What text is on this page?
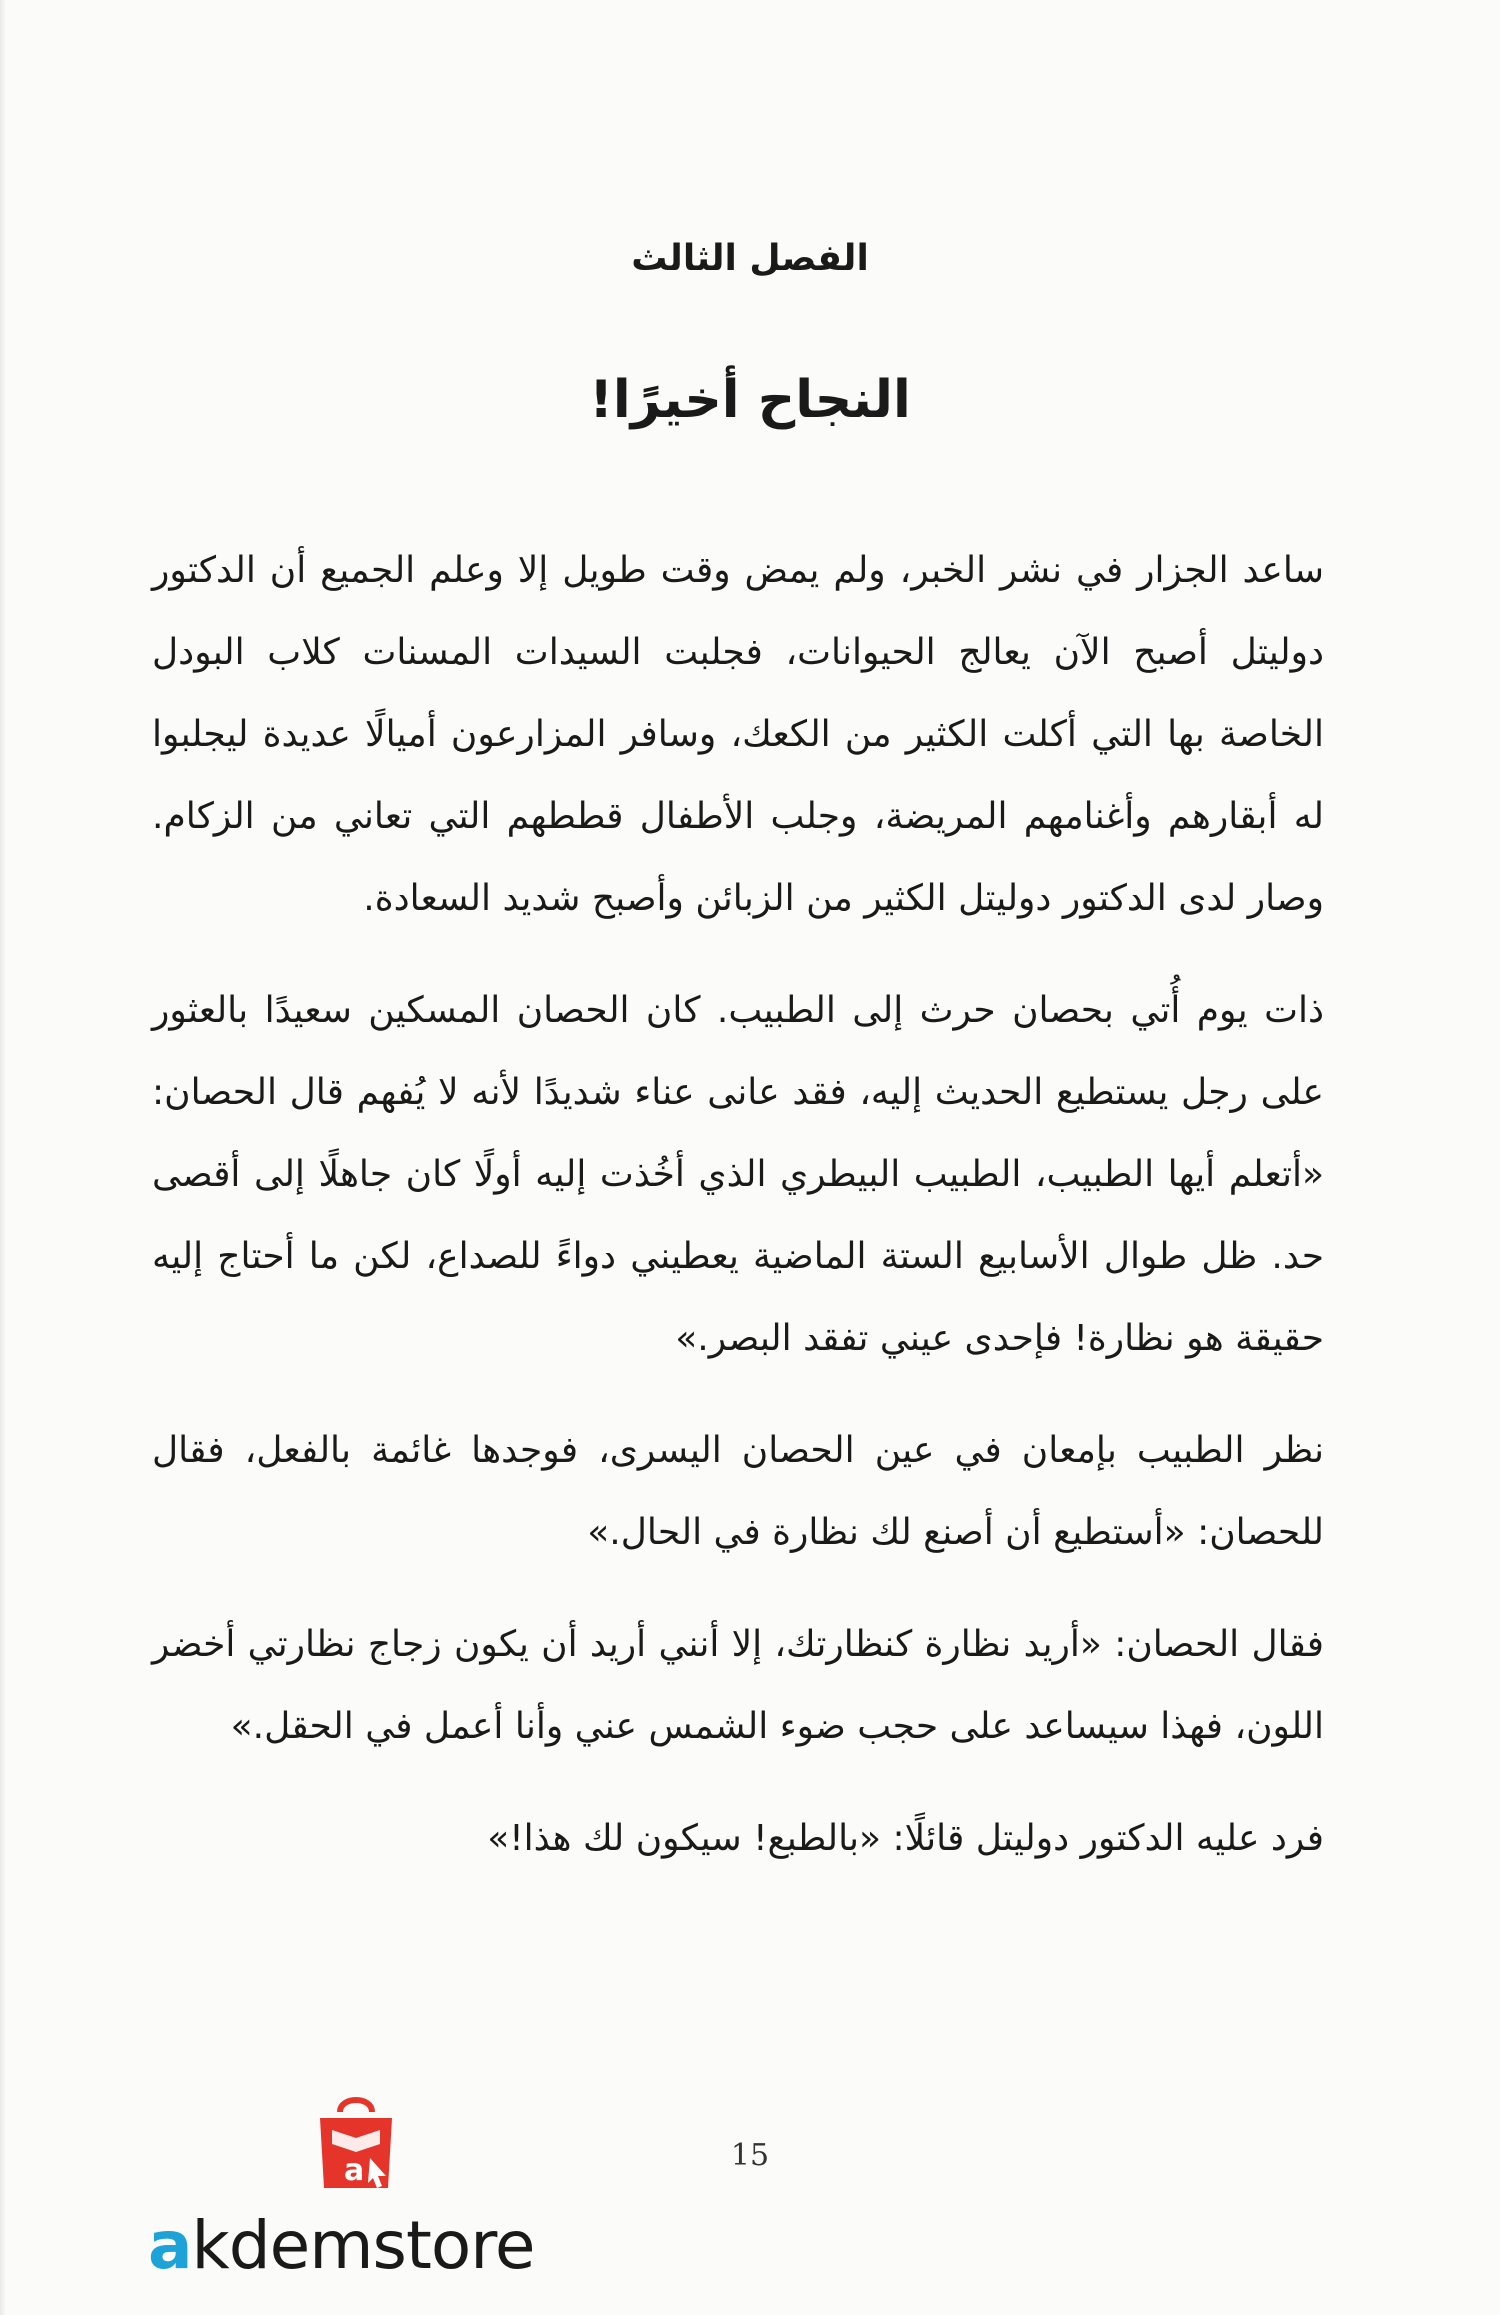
الفصل الثالث
النجاح أخيرًا!

ساعد الجزار في نشر الخبر، ولم يمض وقت طويل إلا وعلم الجميع أن الدكتور دوليتل أصبح الآن يعالج الحيوانات، فجلبت السيدات المسنات كلاب البودل الخاصة بها التي أكلت الكثير من الكعك، وسافر المزارعون أميالًا عديدة ليجلبوا له أبقارهم وأغنامهم المريضة، وجلب الأطفال قططهم التي تعاني من الزكام. وصار لدى الدكتور دوليتل الكثير من الزبائن وأصبح شديد السعادة.

ذات يوم أُتي بحصان حرث إلى الطبيب. كان الحصان المسكين سعيدًا بالعثور على رجل يستطيع الحديث إليه، فقد عانى عناء شديدًا لأنه لا يُفهم قال الحصان: «أتعلم أيها الطبيب، الطبيب البيطري الذي أخُذت إليه أولًا كان جاهلًا إلى أقصى حد. ظل طوال الأسابيع الستة الماضية يعطيني دواءً للصداع، لكن ما أحتاج إليه حقيقة هو نظارة! فإحدى عيني تفقد البصر.»

نظر الطبيب بإمعان في عين الحصان اليسرى، فوجدها غائمة بالفعل، فقال للحصان: «أستطيع أن أصنع لك نظارة في الحال.»

فقال الحصان: «أريد نظارة كنظارتك، إلا أنني أريد أن يكون زجاج نظارتي أخضر اللون، فهذا سيساعد على حجب ضوء الشمس عني وأنا أعمل في الحقل.»

فرد عليه الدكتور دوليتل قائلًا: «بالطبع! سيكون لك هذا!»

15
a
akdemstore
